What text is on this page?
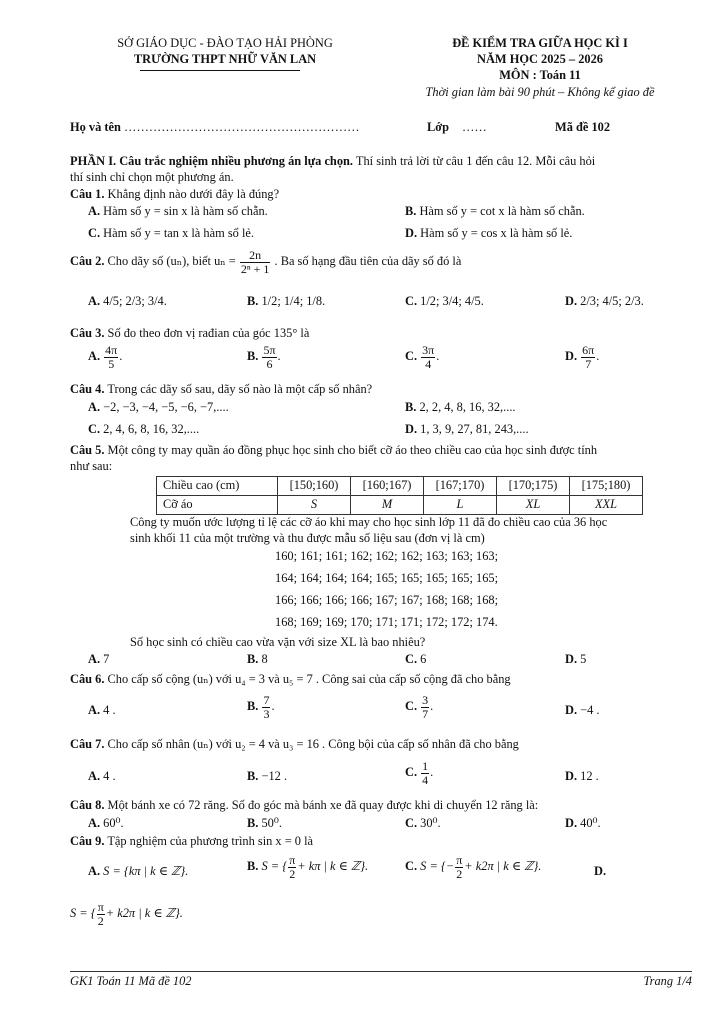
SỞ GIÁO DỤC - ĐÀO TẠO HẢI PHÒNG
TRƯỜNG THPT NHỮ VĂN LAN
ĐỀ KIỂM TRA GIỮA HỌC KÌ I
NĂM HỌC 2025 – 2026
MÔN : Toán 11
Thời gian làm bài 90 phút – Không kể giao đề
Họ và tên …………………………………………………	Lớp ……	Mã đề 102
PHẦN I. Câu trắc nghiệm nhiều phương án lựa chọn. Thí sinh trả lời từ câu 1 đến câu 12. Mỗi câu hỏi
thí sinh chỉ chọn một phương án.
Câu 1. Khẳng định nào dưới đây là đúng?
A. Hàm số y = sin x là hàm số chẵn.	B. Hàm số y = cot x là hàm số chẵn.
C. Hàm số y = tan x là hàm số lẻ.	D. Hàm số y = cos x là hàm số lẻ.
Câu 2. Cho dãy số (uₙ), biết $u_n = \frac{2n}{\text{2ⁿ + 1}}$ . Ba số hạng đầu tiên của dãy số đó là
A. 4/5; 2/3; 3/4.	B. 1/2; 1/4; 1/8.	C. 1/2; 3/4; 4/5.	D. 2/3; 4/5; 2/3.
Câu 3. Số đo theo đơn vị rađian của góc 135° là
A. $\frac{4\pi}{5}$ .	B. $\frac{5\pi}{6}$ .	C. $\frac{3\pi}{4}$ .	D. $\frac{6\pi}{7}$ .
Câu 4. Trong các dãy số sau, dãy số nào là một cấp số nhân?
A. −2, −3, −4, −5, −6, −7,....	B. 2, 2, 4, 8, 16, 32,....
C. 2, 4, 6, 8, 16, 32,....	D. 1, 3, 9, 27, 81, 243,....
Câu 5. Một công ty may quần áo đồng phục học sinh cho biết cỡ áo theo chiều cao của học sinh được tính
như sau:
Chiều cao (cm)	[150;160)	[160;167)	[167;170)	[170;175)	[175;180)
Cỡ áo	S	M	L	XL	XXL
Công ty muốn ước lượng tỉ lệ các cỡ áo khi may cho học sinh lớp 11 đã đo chiều cao của 36 học
sinh khối 11 của một trường và thu được mẫu số liệu sau (đơn vị là cm)
160; 161; 161; 162; 162; 162; 163; 163; 163;
164; 164; 164; 164; 165; 165; 165; 165; 165;
166; 166; 166; 166; 167; 167; 168; 168; 168;
168; 169; 169; 170; 171; 171; 172; 172; 174.
Số học sinh có chiều cao vừa vặn với size XL là bao nhiêu?
A. 7	B. 8	C. 6	D. 5
Câu 6. Cho cấp số cộng (uₙ) với u₄ = 3 và u₅ = 7 . Công sai của cấp số cộng đã cho bằng
A. 4 .	B. $\frac{7}{3}$ .	C. $\frac{3}{7}$ .	D. −4 .
Câu 7. Cho cấp số nhân (uₙ) với u₂ = 4 và u₃ = 16 . Công bội của cấp số nhân đã cho bằng
A. 4 .	B. −12 .	C. $\frac{1}{4}$ .	D. 12 .
Câu 8. Một bánh xe có 72 răng. Số đo góc mà bánh xe đã quay được khi di chuyển 12 răng là:
A. 60⁰.	B. 50⁰.	C. 30⁰.	D. 40⁰.
Câu 9. Tập nghiệm của phương trình sin x = 0 là
A. S = {kπ | k ∈ ℤ}.	B. S = { $\frac{\pi}{2} + k\pi$ | k ∈ ℤ}.	C. S = {− $\frac{\pi}{2} + k2\pi$ | k ∈ ℤ}.	D.
S = { $\frac{\pi}{2} + k2\pi$ | k ∈ ℤ}.
GK1 Toán 11 Mã đề 102	Trang 1/4
